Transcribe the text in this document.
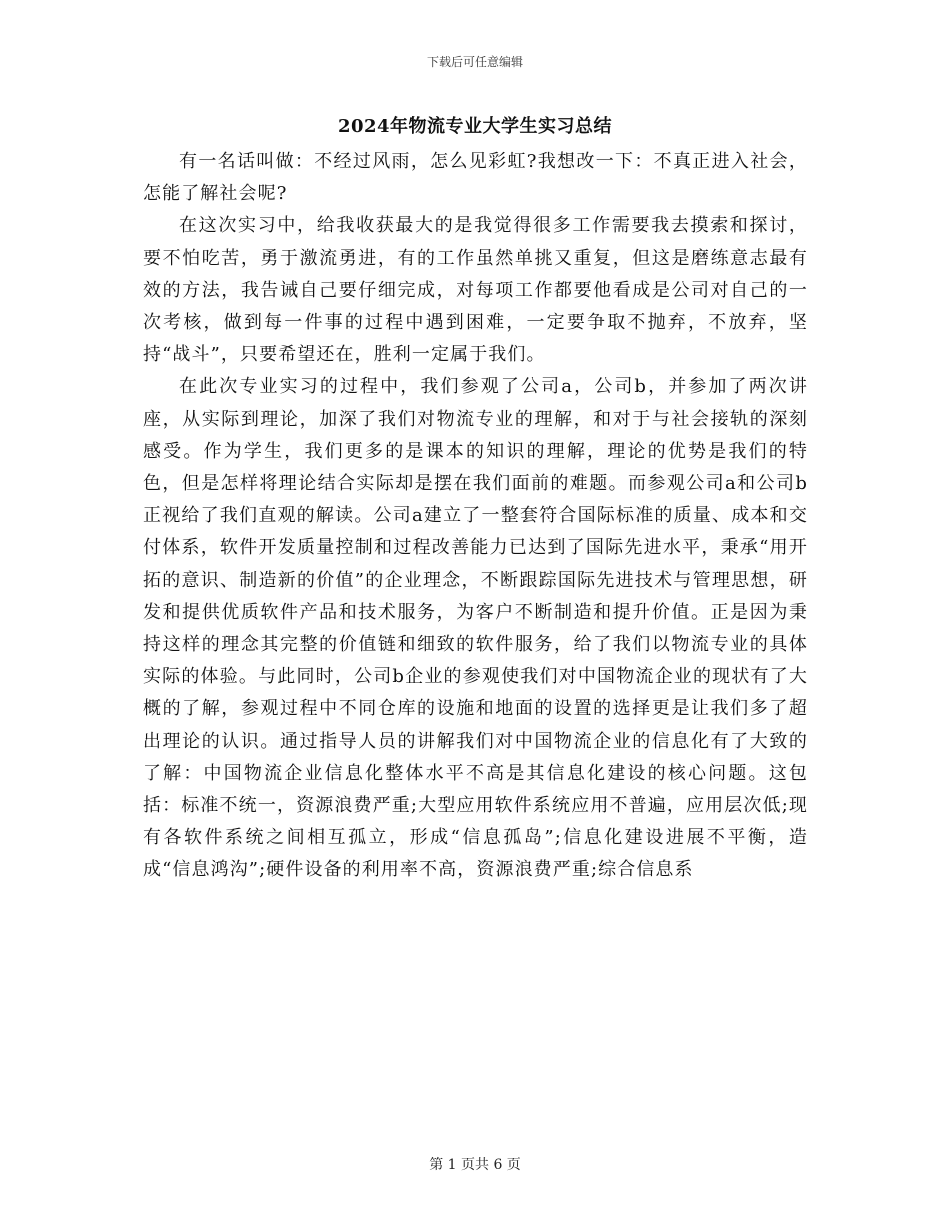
下载后可任意编辑
2024年物流专业大学生实习总结

有一名话叫做：不经过风雨，怎么见彩虹?我想改一下：不真正进入社会，怎能了解社会呢?

在这次实习中，给我收获最大的是我觉得很多工作需要我去摸索和探讨，要不怕吃苦，勇于激流勇进，有的工作虽然单挑又重复，但这是磨练意志最有效的方法，我告诫自己要仔细完成，对每项工作都要他看成是公司对自己的一次考核，做到每一件事的过程中遇到困难，一定要争取不抛弃，不放弃，坚持“战斗”，只要希望还在，胜利一定属于我们。

在此次专业实习的过程中，我们参观了公司a，公司b，并参加了两次讲座，从实际到理论，加深了我们对物流专业的理解，和对于与社会接轨的深刻感受。作为学生，我们更多的是课本的知识的理解，理论的优势是我们的特色，但是怎样将理论结合实际却是摆在我们面前的难题。而参观公司a和公司b正视给了我们直观的解读。公司a建立了一整套符合国际标准的质量、成本和交付体系，软件开发质量控制和过程改善能力已达到了国际先进水平，秉承“用开拓的意识、制造新的价值”的企业理念，不断跟踪国际先进技术与管理思想，研发和提供优质软件产品和技术服务，为客户不断制造和提升价值。正是因为秉持这样的理念其完整的价值链和细致的软件服务，给了我们以物流专业的具体实际的体验。与此同时，公司b企业的参观使我们对中国物流企业的现状有了大概的了解，参观过程中不同仓库的设施和地面的设置的选择更是让我们多了超出理论的认识。通过指导人员的讲解我们对中国物流企业的信息化有了大致的了解：中国物流企业信息化整体水平不高是其信息化建设的核心问题。这包括：标准不统一，资源浪费严重;大型应用软件系统应用不普遍，应用层次低;现有各软件系统之间相互孤立，形成“信息孤岛”;信息化建设进展不平衡，造成“信息鸿沟”;硬件设备的利用率不高，资源浪费严重;综合信息系

第 1 页共 6 页
